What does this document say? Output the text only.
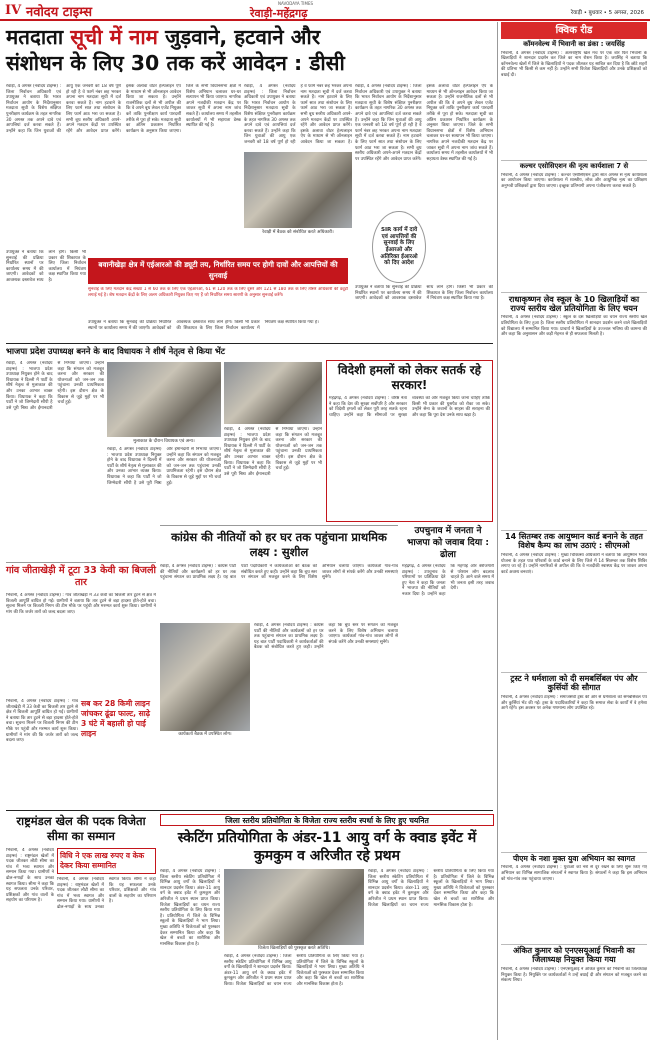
IV नवोदय टाइम्स
NAVODAYA TIMES
रेवाड़ी-महेंद्रगढ़	रेवाड़ी • बुधवार • 5 अगस्त, 2026
मतदाता सूची में नाम जुड़वाने, हटवाने और
संशोधन के लिए 30 तक करें आवेदन : डीसी
रेवाड़ी, 4 अगस्त (नवोदय टाइम्स) : जिला निर्वाचन अधिकारी एवं उपायुक्त ने बताया कि भारत निर्वाचन आयोग के निर्देशानुसार मतदाता सूची के विशेष संक्षिप्त पुनरीक्षण कार्यक्रम के तहत नागरिक 30 अगस्त तक अपने दावे एवं आपत्तियां दर्ज करवा सकते हैं। उन्होंने कहा कि जिन युवाओं की आयु एक जनवरी को 18 वर्ष पूर्ण हो रही है वे फार्म नंबर छह भरकर अपना नाम मतदाता सूची में दर्ज करवा सकते हैं। नाम हटवाने के लिए फार्म सात तथा संशोधन के लिए फार्म आठ भरा जा सकता है। सभी बूथ स्तरीय अधिकारी अपने-अपने मतदान केंद्रों पर उपस्थित रहेंगे और आवेदन प्राप्त करेंगे। इसके अलावा वोटर हेल्पलाइन ऐप के माध्यम से भी ऑनलाइन आवेदन किया जा सकता है। उन्होंने राजनीतिक दलों से भी अपील की कि वे अपने बूथ लेवल एजेंट नियुक्त करें ताकि पुनरीक्षण कार्य पारदर्शी तरीके से पूरा हो सके। मतदाता सूची का अंतिम प्रकाशन निर्धारित कार्यक्रम के अनुसार किया जाएगा। जिले के सभी विधानसभा क्षेत्रों में विशेष अभियान चलाकर घर-घर सत्यापन भी किया जाएगा। नागरिक अपने नजदीकी मतदान केंद्र पर जाकर सूची में अपना नाम जांच सकते हैं। कार्यालय समय में तहसील कार्यालयों में भी सहायता डेस्क स्थापित की गई है।
रेवाड़ी में बैठक को संबोधित करते अधिकारी।
रेवाड़ी, 4 अगस्त (नवोदय टाइम्स) : जिला निर्वाचन अधिकारी एवं उपायुक्त ने बताया कि भारत निर्वाचन आयोग के निर्देशानुसार मतदाता सूची के विशेष संक्षिप्त पुनरीक्षण कार्यक्रम के तहत नागरिक 30 अगस्त तक अपने दावे एवं आपत्तियां दर्ज करवा सकते हैं। उन्होंने कहा कि जिन युवाओं की आयु एक जनवरी को 18 वर्ष पूर्ण हो रही है वे फार्म नंबर छह भरकर अपना नाम मतदाता सूची में दर्ज करवा सकते हैं। नाम हटवाने के लिए फार्म सात तथा संशोधन के लिए फार्म आठ भरा जा सकता है। सभी बूथ स्तरीय अधिकारी अपने-अपने मतदान केंद्रों पर उपस्थित रहेंगे और आवेदन प्राप्त करेंगे। इसके अलावा वोटर हेल्पलाइन ऐप के माध्यम से भी ऑनलाइन आवेदन किया जा सकता है।
रेवाड़ी, 4 अगस्त (नवोदय टाइम्स) : जिला निर्वाचन अधिकारी एवं उपायुक्त ने बताया कि भारत निर्वाचन आयोग के निर्देशानुसार मतदाता सूची के विशेष संक्षिप्त पुनरीक्षण कार्यक्रम के तहत नागरिक 30 अगस्त तक अपने दावे एवं आपत्तियां दर्ज करवा सकते हैं। उन्होंने कहा कि जिन युवाओं की आयु एक जनवरी को 18 वर्ष पूर्ण हो रही है वे फार्म नंबर छह भरकर अपना नाम मतदाता सूची में दर्ज करवा सकते हैं। नाम हटवाने के लिए फार्म सात तथा संशोधन के लिए फार्म आठ भरा जा सकता है। सभी बूथ स्तरीय अधिकारी अपने-अपने मतदान केंद्रों पर उपस्थित रहेंगे और आवेदन प्राप्त करेंगे। इसके अलावा वोटर हेल्पलाइन ऐप के माध्यम से भी ऑनलाइन आवेदन किया जा सकता है। उन्होंने राजनीतिक दलों से भी अपील की कि वे अपने बूथ लेवल एजेंट नियुक्त करें ताकि पुनरीक्षण कार्य पारदर्शी तरीके से पूरा हो सके। मतदाता सूची का अंतिम प्रकाशन निर्धारित कार्यक्रम के अनुसार किया जाएगा। जिले के सभी विधानसभा क्षेत्रों में विशेष अभियान चलाकर घर-घर सत्यापन भी किया जाएगा। नागरिक अपने नजदीकी मतदान केंद्र पर जाकर सूची में अपना नाम जांच सकते हैं। कार्यालय समय में तहसील कार्यालयों में भी सहायता डेस्क स्थापित की गई है।
SIR कार्य में दावे एवं आपत्तियों की सुनवाई के लिए ईआरओ और अतिरिक्त ईआरओ को दिए आदेश
बवानीखेड़ा क्षेत्र में एईआरओ की ड्यूटी तय, निर्धारित समय पर होगी दावों और आपत्तियों की सुनवाई
सुनवाई के लिए मतदान केंद्र संख्या 1 से 60 तक के लिए एक एईआरओ, 61 से 120 तक के लिए दूसरे और 121 से 180 तक के लिए तीसरे अधिकारी की ड्यूटी लगाई गई है। शेष मतदान केंद्रों के लिए अलग अधिकारी नियुक्त किए गए हैं जो निर्धारित समय सारणी के अनुसार सुनवाई करेंगे।
उपायुक्त ने बताया कि सुनवाई की प्रक्रिया निर्धारित स्थानों पर कार्यालय समय में की जाएगी। आवेदकों को आवश्यक दस्तावेज साथ लाने होंगे। किसी भी प्रकार की शिकायत के लिए जिला निर्वाचन कार्यालय में नियंत्रण कक्ष स्थापित किया गया है।
उपायुक्त ने बताया कि सुनवाई की प्रक्रिया निर्धारित स्थानों पर कार्यालय समय में की जाएगी। आवेदकों को आवश्यक दस्तावेज साथ लाने होंगे। किसी भी प्रकार की शिकायत के लिए जिला निर्वाचन कार्यालय में नियंत्रण कक्ष स्थापित किया गया है।
उपायुक्त ने बताया कि सुनवाई की प्रक्रिया निर्धारित स्थानों पर कार्यालय समय में की जाएगी। आवेदकों को आवश्यक दस्तावेज साथ लाने होंगे। किसी भी प्रकार की शिकायत के लिए जिला निर्वाचन कार्यालय में नियंत्रण कक्ष स्थापित किया गया है।
क्विक रीड
कॉमनवेल्थ में भिवानी का डंका : जयसिंह
भिवानी, 4 अगस्त (नवोदय टाइम्स) : अंतरराष्ट्रीय खेल मंच पर एक बार फिर भिवानी के खिलाड़ियों ने शानदार प्रदर्शन कर जिले का नाम रोशन किया है। जयसिंह ने बताया कि कॉमनवेल्थ खेलों में जिले के खिलाड़ियों ने पदक जीतकर यह साबित कर दिया है कि छोटे शहरों की प्रतिभा भी किसी से कम नहीं है। उन्होंने सभी विजेता खिलाड़ियों और उनके प्रशिक्षकों को बधाई दी।
कल्चर एसोसिएशन की नृत्य कार्यशाला 7 से
भिवानी, 4 अगस्त (नवोदय टाइम्स) : कल्चर एसोसिएशन द्वारा सात अगस्त से नृत्य कार्यशाला का आयोजन किया जाएगा। कार्यशाला में शास्त्रीय, लोक और आधुनिक नृत्य का प्रशिक्षण अनुभवी प्रशिक्षकों द्वारा दिया जाएगा। इच्छुक प्रतिभागी अपना पंजीकरण करवा सकते हैं।
राधाकृष्णन लेव स्कूल के 10 खिलाड़ियों का राज्य स्तरीय खेल प्रतियोगिता के लिए चयन
भिवानी, 4 अगस्त (नवोदय टाइम्स) : स्कूल के दस खिलाड़ियों का चयन राज्य स्तरीय खेल प्रतियोगिता के लिए हुआ है। जिला स्तरीय प्रतियोगिता में शानदार प्रदर्शन करने वाले खिलाड़ियों को विद्यालय में सम्मानित किया गया। प्राचार्य ने खिलाड़ियों के उज्ज्वल भविष्य की कामना की और कहा कि अनुशासन और कड़ी मेहनत से ही सफलता मिलती है।
14 सितम्बर तक आयुष्मान कार्ड बनाने के तहत विशेष कैम्प का लाभ उठाएं : सीएमओ
भिवानी, 4 अगस्त (नवोदय टाइम्स) : मुख्य चिकित्सा अधिकारी ने बताया कि आयुष्मान भारत योजना के तहत पात्र परिवारों के कार्ड बनाने के लिए जिले में 14 सितम्बर तक विशेष शिविर लगाए जा रहे हैं। उन्होंने नागरिकों से अपील की कि वे नजदीकी स्वास्थ्य केंद्र पर जाकर अपना कार्ड अवश्य बनवाएं।
ट्रस्ट ने धर्मशाला को दी समबर्सिबल पंप और कुर्सियों की सौगात
भिवानी, 4 अगस्त (नवोदय टाइम्स) : समाजसेवी ट्रस्ट की ओर से धर्मशाला को समबर्सिबल पंप और कुर्सियां भेंट की गईं। ट्रस्ट के पदाधिकारियों ने कहा कि समाज सेवा के कार्यों में वे हमेशा आगे रहेंगे। इस अवसर पर अनेक गणमान्य लोग उपस्थित रहे।
पीएम के नशा मुक्त युवा अभियान का स्वागत
भिवानी, 4 अगस्त (नवोदय टाइम्स) : युवाओं को नशे से दूर रखने के लिए शुरू किए गए अभियान का विभिन्न सामाजिक संगठनों ने स्वागत किया है। संगठनों ने कहा कि इस अभियान को गांव-गांव तक पहुंचाया जाएगा।
अंकित कुमार को एनएसयूआई भिवानी का जिलाध्यक्ष नियुक्त किया गया
भिवानी, 4 अगस्त (नवोदय टाइम्स) : एनएसयूआई ने अंकित कुमार को भिवानी का जिलाध्यक्ष नियुक्त किया है। नियुक्ति पर कार्यकर्ताओं ने उन्हें बधाई दी और संगठन को मजबूत करने का संकल्प लिया।
भाजपा प्रदेश उपाध्यक्ष बनने के बाद विधायक ने शीर्ष नेतृत्व से किया भेंट
रेवाड़ी, 4 अगस्त (नवोदय टाइम्स) : भाजपा प्रदेश उपाध्यक्ष नियुक्त होने के बाद विधायक ने दिल्ली में पार्टी के शीर्ष नेतृत्व से मुलाकात की और उनका आभार व्यक्त किया। विधायक ने कहा कि पार्टी ने जो जिम्मेदारी सौंपी है उसे पूरी निष्ठा और ईमानदारी से निभाया जाएगा। उन्होंने कहा कि संगठन को मजबूत करना और सरकार की योजनाओं को जन-जन तक पहुंचाना उनकी प्राथमिकता रहेगी। इस दौरान क्षेत्र के विकास से जुड़े मुद्दों पर भी चर्चा हुई।
मुलाकात के दौरान विधायक एवं अन्य।
रेवाड़ी, 4 अगस्त (नवोदय टाइम्स) : भाजपा प्रदेश उपाध्यक्ष नियुक्त होने के बाद विधायक ने दिल्ली में पार्टी के शीर्ष नेतृत्व से मुलाकात की और उनका आभार व्यक्त किया। विधायक ने कहा कि पार्टी ने जो जिम्मेदारी सौंपी है उसे पूरी निष्ठा और ईमानदारी से निभाया जाएगा। उन्होंने कहा कि संगठन को मजबूत करना और सरकार की योजनाओं को जन-जन तक पहुंचाना उनकी प्राथमिकता रहेगी। इस दौरान क्षेत्र के विकास से जुड़े मुद्दों पर भी चर्चा हुई।
रेवाड़ी, 4 अगस्त (नवोदय टाइम्स) : भाजपा प्रदेश उपाध्यक्ष नियुक्त होने के बाद विधायक ने दिल्ली में पार्टी के शीर्ष नेतृत्व से मुलाकात की और उनका आभार व्यक्त किया। विधायक ने कहा कि पार्टी ने जो जिम्मेदारी सौंपी है उसे पूरी निष्ठा और ईमानदारी से निभाया जाएगा। उन्होंने कहा कि संगठन को मजबूत करना और सरकार की योजनाओं को जन-जन तक पहुंचाना उनकी प्राथमिकता रहेगी। इस दौरान क्षेत्र के विकास से जुड़े मुद्दों पर भी चर्चा हुई।
विदेशी हमलों को लेकर सतर्क रहे सरकार!
महेंद्रगढ़, 4 अगस्त (नवोदय टाइम्स) : वरिष्ठ नेता ने कहा कि देश की सुरक्षा सर्वोपरि है और सरकार को विदेशी हमलों को लेकर पूरी तरह सतर्क रहना चाहिए। उन्होंने कहा कि सीमाओं पर सुरक्षा व्यवस्था को और मजबूत किया जाना चाहिए ताकि किसी भी प्रकार की घुसपैठ को रोका जा सके। उन्होंने सेना के जवानों के साहस की सराहना की और कहा कि पूरा देश उनके साथ खड़ा है।
गांव जीताखेड़ी में टूटा 33 केवी का बिजली तार
भिवानी, 4 अगस्त (नवोदय टाइम्स) : गांव जीताखेड़ी में 33 केवी का बिजली तार टूटने से क्षेत्र में बिजली आपूर्ति बाधित हो गई। ग्रामीणों ने बताया कि तार टूटने से बड़ा हादसा होते-होते बचा। सूचना मिलने पर बिजली निगम की टीम मौके पर पहुंची और मरम्मत कार्य शुरू किया। ग्रामीणों ने मांग की कि जर्जर तारों को जल्द बदला जाए।
भिवानी, 4 अगस्त (नवोदय टाइम्स) : गांव जीताखेड़ी में 33 केवी का बिजली तार टूटने से क्षेत्र में बिजली आपूर्ति बाधित हो गई। ग्रामीणों ने बताया कि तार टूटने से बड़ा हादसा होते-होते बचा। सूचना मिलने पर बिजली निगम की टीम मौके पर पहुंची और मरम्मत कार्य शुरू किया। ग्रामीणों ने मांग की कि जर्जर तारों को जल्द बदला जाए।
सब कर 28 किमी लाइन जांचकर ढूंढा फाल्ट, साढ़े 3 घंटे में बहाली हो पाई लाइन
कांग्रेस की नीतियों को हर घर तक पहुंचाना प्राथमिक लक्ष्य : सुशील
रेवाड़ी, 4 अगस्त (नवोदय टाइम्स) : कांग्रेस पार्टी की नीतियों और कार्यक्रमों को हर घर तक पहुंचाना संगठन का प्राथमिक लक्ष्य है। यह बात पार्टी पदाधिकारी ने कार्यकर्ताओं की बैठक को संबोधित करते हुए कही। उन्होंने कहा कि बूथ स्तर पर संगठन को मजबूत करने के लिए विशेष अभियान चलाया जाएगा। कार्यकर्ता गांव-गांव जाकर लोगों से संपर्क करेंगे और उनकी समस्याएं सुनेंगे।
कार्यकर्ता बैठक में उपस्थित लोग।
रेवाड़ी, 4 अगस्त (नवोदय टाइम्स) : कांग्रेस पार्टी की नीतियों और कार्यक्रमों को हर घर तक पहुंचाना संगठन का प्राथमिक लक्ष्य है। यह बात पार्टी पदाधिकारी ने कार्यकर्ताओं की बैठक को संबोधित करते हुए कही। उन्होंने कहा कि बूथ स्तर पर संगठन को मजबूत करने के लिए विशेष अभियान चलाया जाएगा। कार्यकर्ता गांव-गांव जाकर लोगों से संपर्क करेंगे और उनकी समस्याएं सुनेंगे।
उपचुनाव में जनता ने भाजपा को जवाब दिया : ढोला
महेंद्रगढ़, 4 अगस्त (नवोदय टाइम्स) : उपचुनाव के परिणामों पर प्रतिक्रिया देते हुए नेता ने कहा कि जनता ने भाजपा की नीतियों को नकार दिया है। उन्होंने कहा कि महंगाई और बेरोजगारी से परेशान लोग बदलाव चाहते हैं। आने वाले समय में भी जनता इसी तरह जवाब देगी।
राष्ट्रमंडल खेल की पदक विजेता सीमा का सम्मान
भिवानी, 4 अगस्त (नवोदय टाइम्स) : राष्ट्रमंडल खेलों में पदक जीतकर लौटी सीमा का गांव में भव्य स्वागत और सम्मान किया गया। ग्रामीणों ने ढोल-नगाड़ों के साथ उनका स्वागत किया। सीमा ने कहा कि यह सफलता उनके परिवार, प्रशिक्षकों और गांव वालों के सहयोग का परिणाम है।
विधि ने एक लाख रुपए व केक देकर किया सम्मानित
भिवानी, 4 अगस्त (नवोदय टाइम्स) : राष्ट्रमंडल खेलों में पदक जीतकर लौटी सीमा का गांव में भव्य स्वागत और सम्मान किया गया। ग्रामीणों ने ढोल-नगाड़ों के साथ उनका स्वागत किया। सीमा ने कहा कि यह सफलता उनके परिवार, प्रशिक्षकों और गांव वालों के सहयोग का परिणाम है।
जिला स्तरीय प्रतियोगिता के विजेता राज्य स्तरीय स्पर्धा के लिए हुए चयनित
स्केटिंग प्रतियोगिता के अंडर-11 आयु वर्ग के क्वाड इवेंट में कुमकुम व अरिजीत रहे प्रथम
रेवाड़ी, 4 अगस्त (नवोदय टाइम्स) : जिला स्तरीय स्केटिंग प्रतियोगिता में विभिन्न आयु वर्गों के खिलाड़ियों ने शानदार प्रदर्शन किया। अंडर-11 आयु वर्ग के क्वाड इवेंट में कुमकुम और अरिजीत ने प्रथम स्थान प्राप्त किया। विजेता खिलाड़ियों का चयन राज्य स्तरीय प्रतियोगिता के लिए किया गया है। प्रतियोगिता में जिले के विभिन्न स्कूलों के खिलाड़ियों ने भाग लिया। मुख्य अतिथि ने विजेताओं को पुरस्कार देकर सम्मानित किया और कहा कि खेल से बच्चों का शारीरिक और मानसिक विकास होता है।
विजेता खिलाड़ियों को पुरस्कृत करते अतिथि।
रेवाड़ी, 4 अगस्त (नवोदय टाइम्स) : जिला स्तरीय स्केटिंग प्रतियोगिता में विभिन्न आयु वर्गों के खिलाड़ियों ने शानदार प्रदर्शन किया। अंडर-11 आयु वर्ग के क्वाड इवेंट में कुमकुम और अरिजीत ने प्रथम स्थान प्राप्त किया। विजेता खिलाड़ियों का चयन राज्य स्तरीय प्रतियोगिता के लिए किया गया है। प्रतियोगिता में जिले के विभिन्न स्कूलों के खिलाड़ियों ने भाग लिया। मुख्य अतिथि ने विजेताओं को पुरस्कार देकर सम्मानित किया और कहा कि खेल से बच्चों का शारीरिक और मानसिक विकास होता है।
रेवाड़ी, 4 अगस्त (नवोदय टाइम्स) : जिला स्तरीय स्केटिंग प्रतियोगिता में विभिन्न आयु वर्गों के खिलाड़ियों ने शानदार प्रदर्शन किया। अंडर-11 आयु वर्ग के क्वाड इवेंट में कुमकुम और अरिजीत ने प्रथम स्थान प्राप्त किया। विजेता खिलाड़ियों का चयन राज्य स्तरीय प्रतियोगिता के लिए किया गया है। प्रतियोगिता में जिले के विभिन्न स्कूलों के खिलाड़ियों ने भाग लिया। मुख्य अतिथि ने विजेताओं को पुरस्कार देकर सम्मानित किया और कहा कि खेल से बच्चों का शारीरिक और मानसिक विकास होता है।
